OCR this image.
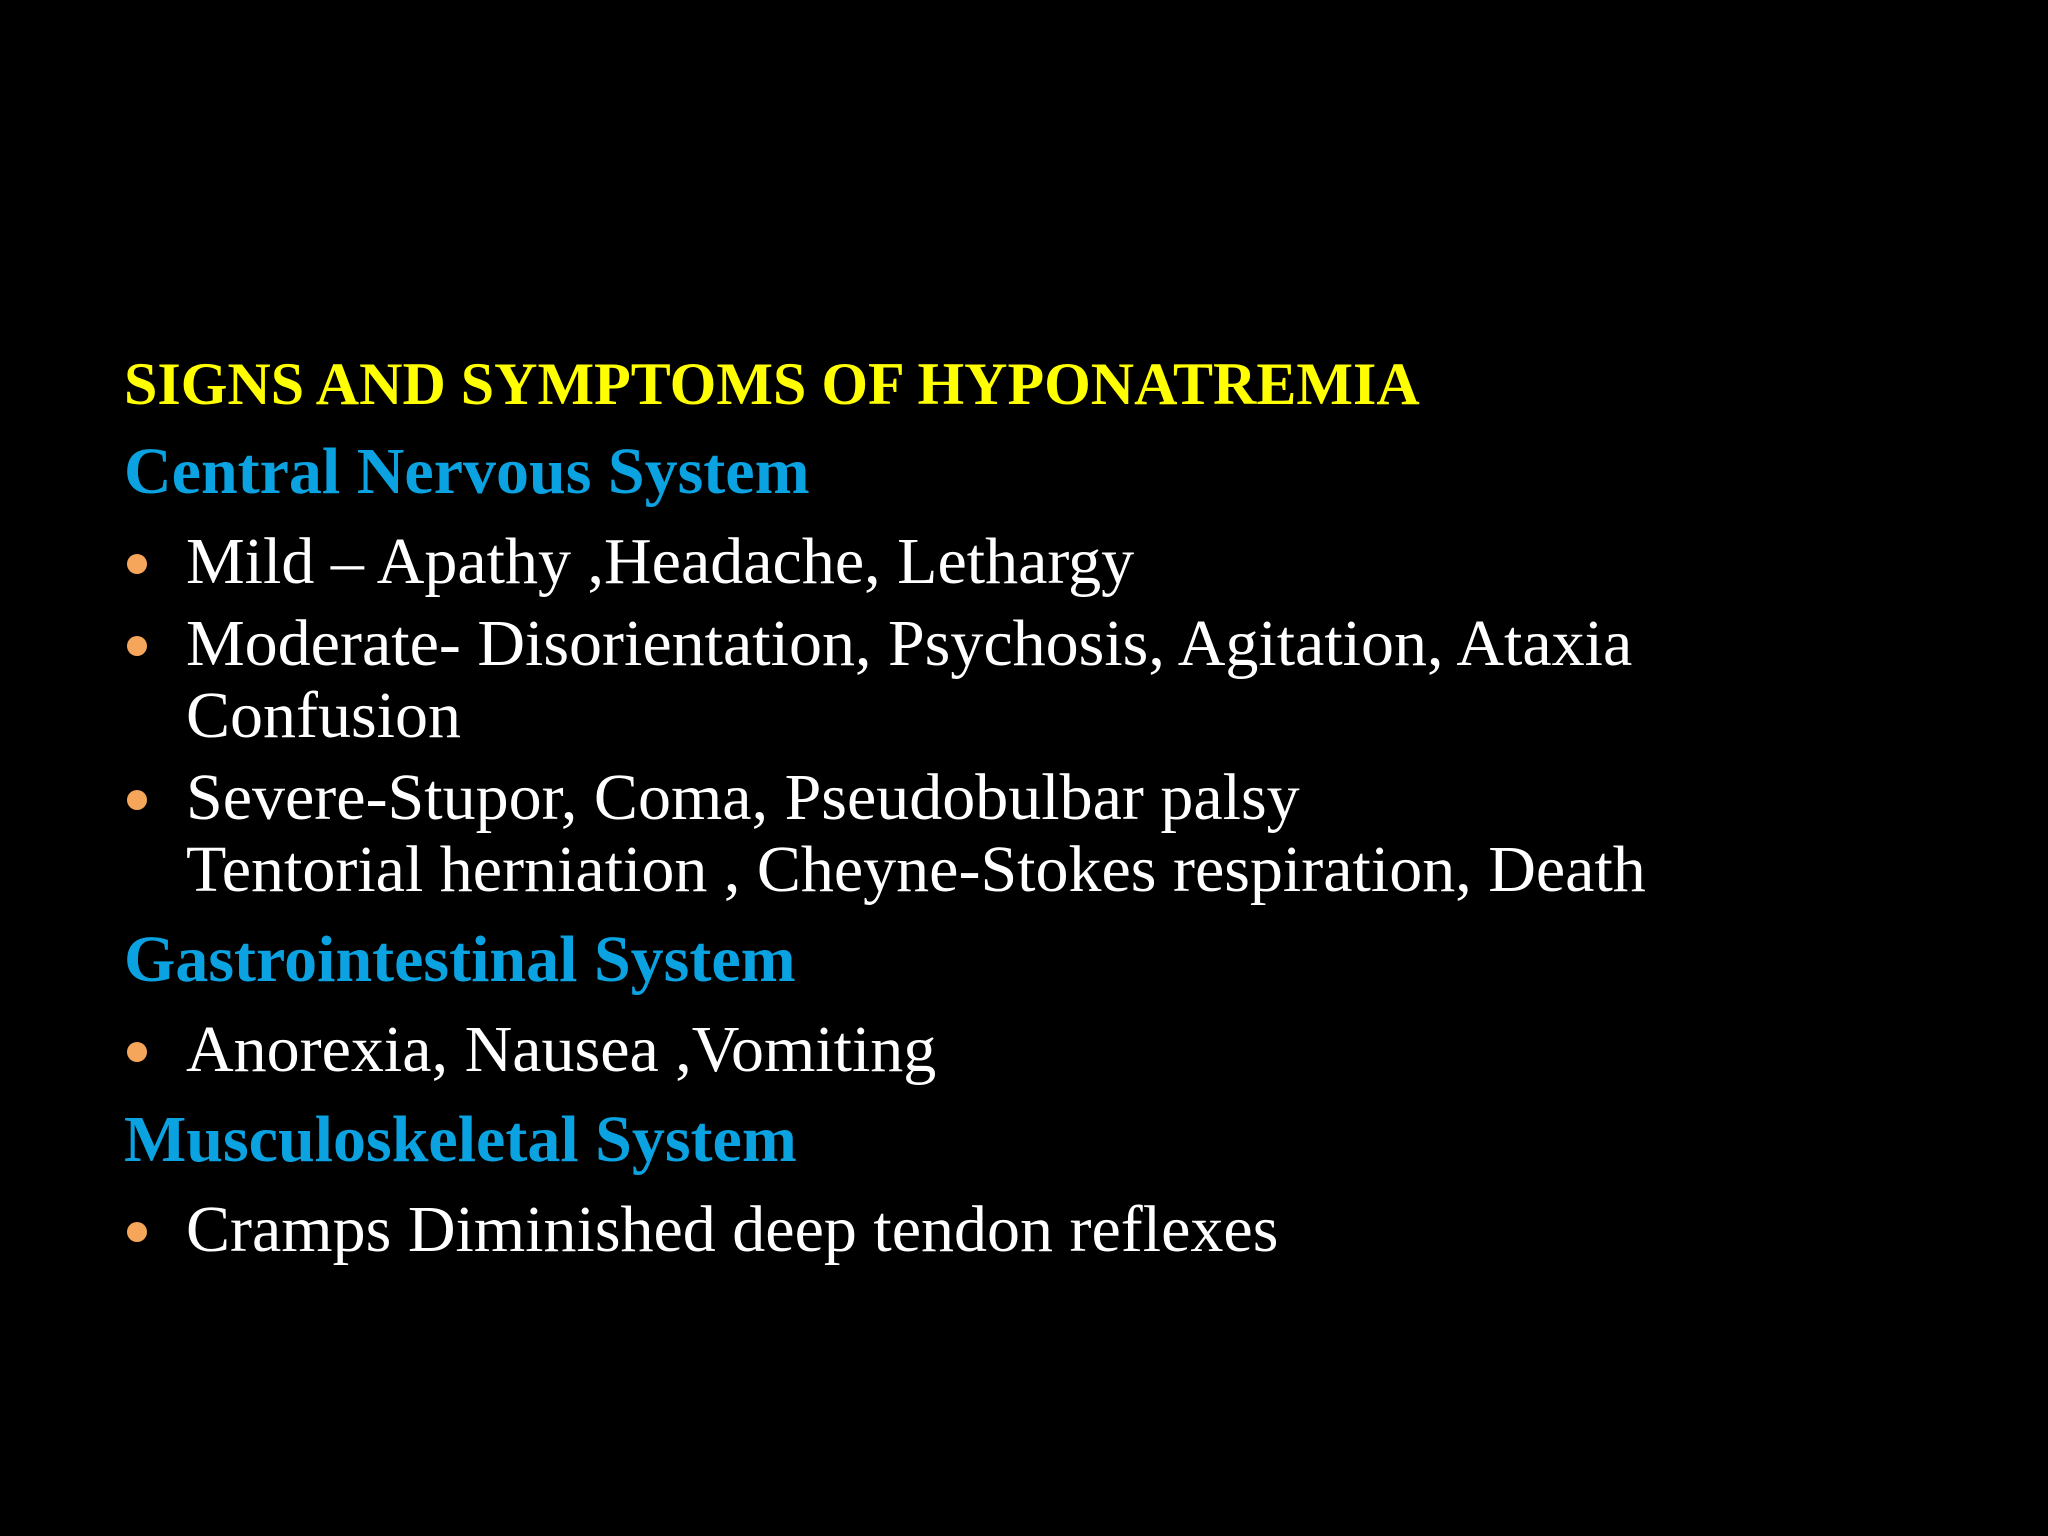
SIGNS AND SYMPTOMS OF HYPONATREMIA
Central Nervous System
Mild – Apathy ,Headache, Lethargy
Moderate- Disorientation, Psychosis, Agitation, Ataxia
Confusion
Severe-Stupor, Coma, Pseudobulbar palsy
Tentorial herniation , Cheyne-Stokes respiration, Death
Gastrointestinal System
Anorexia, Nausea ,Vomiting
Musculoskeletal System
Cramps Diminished deep tendon reflexes
